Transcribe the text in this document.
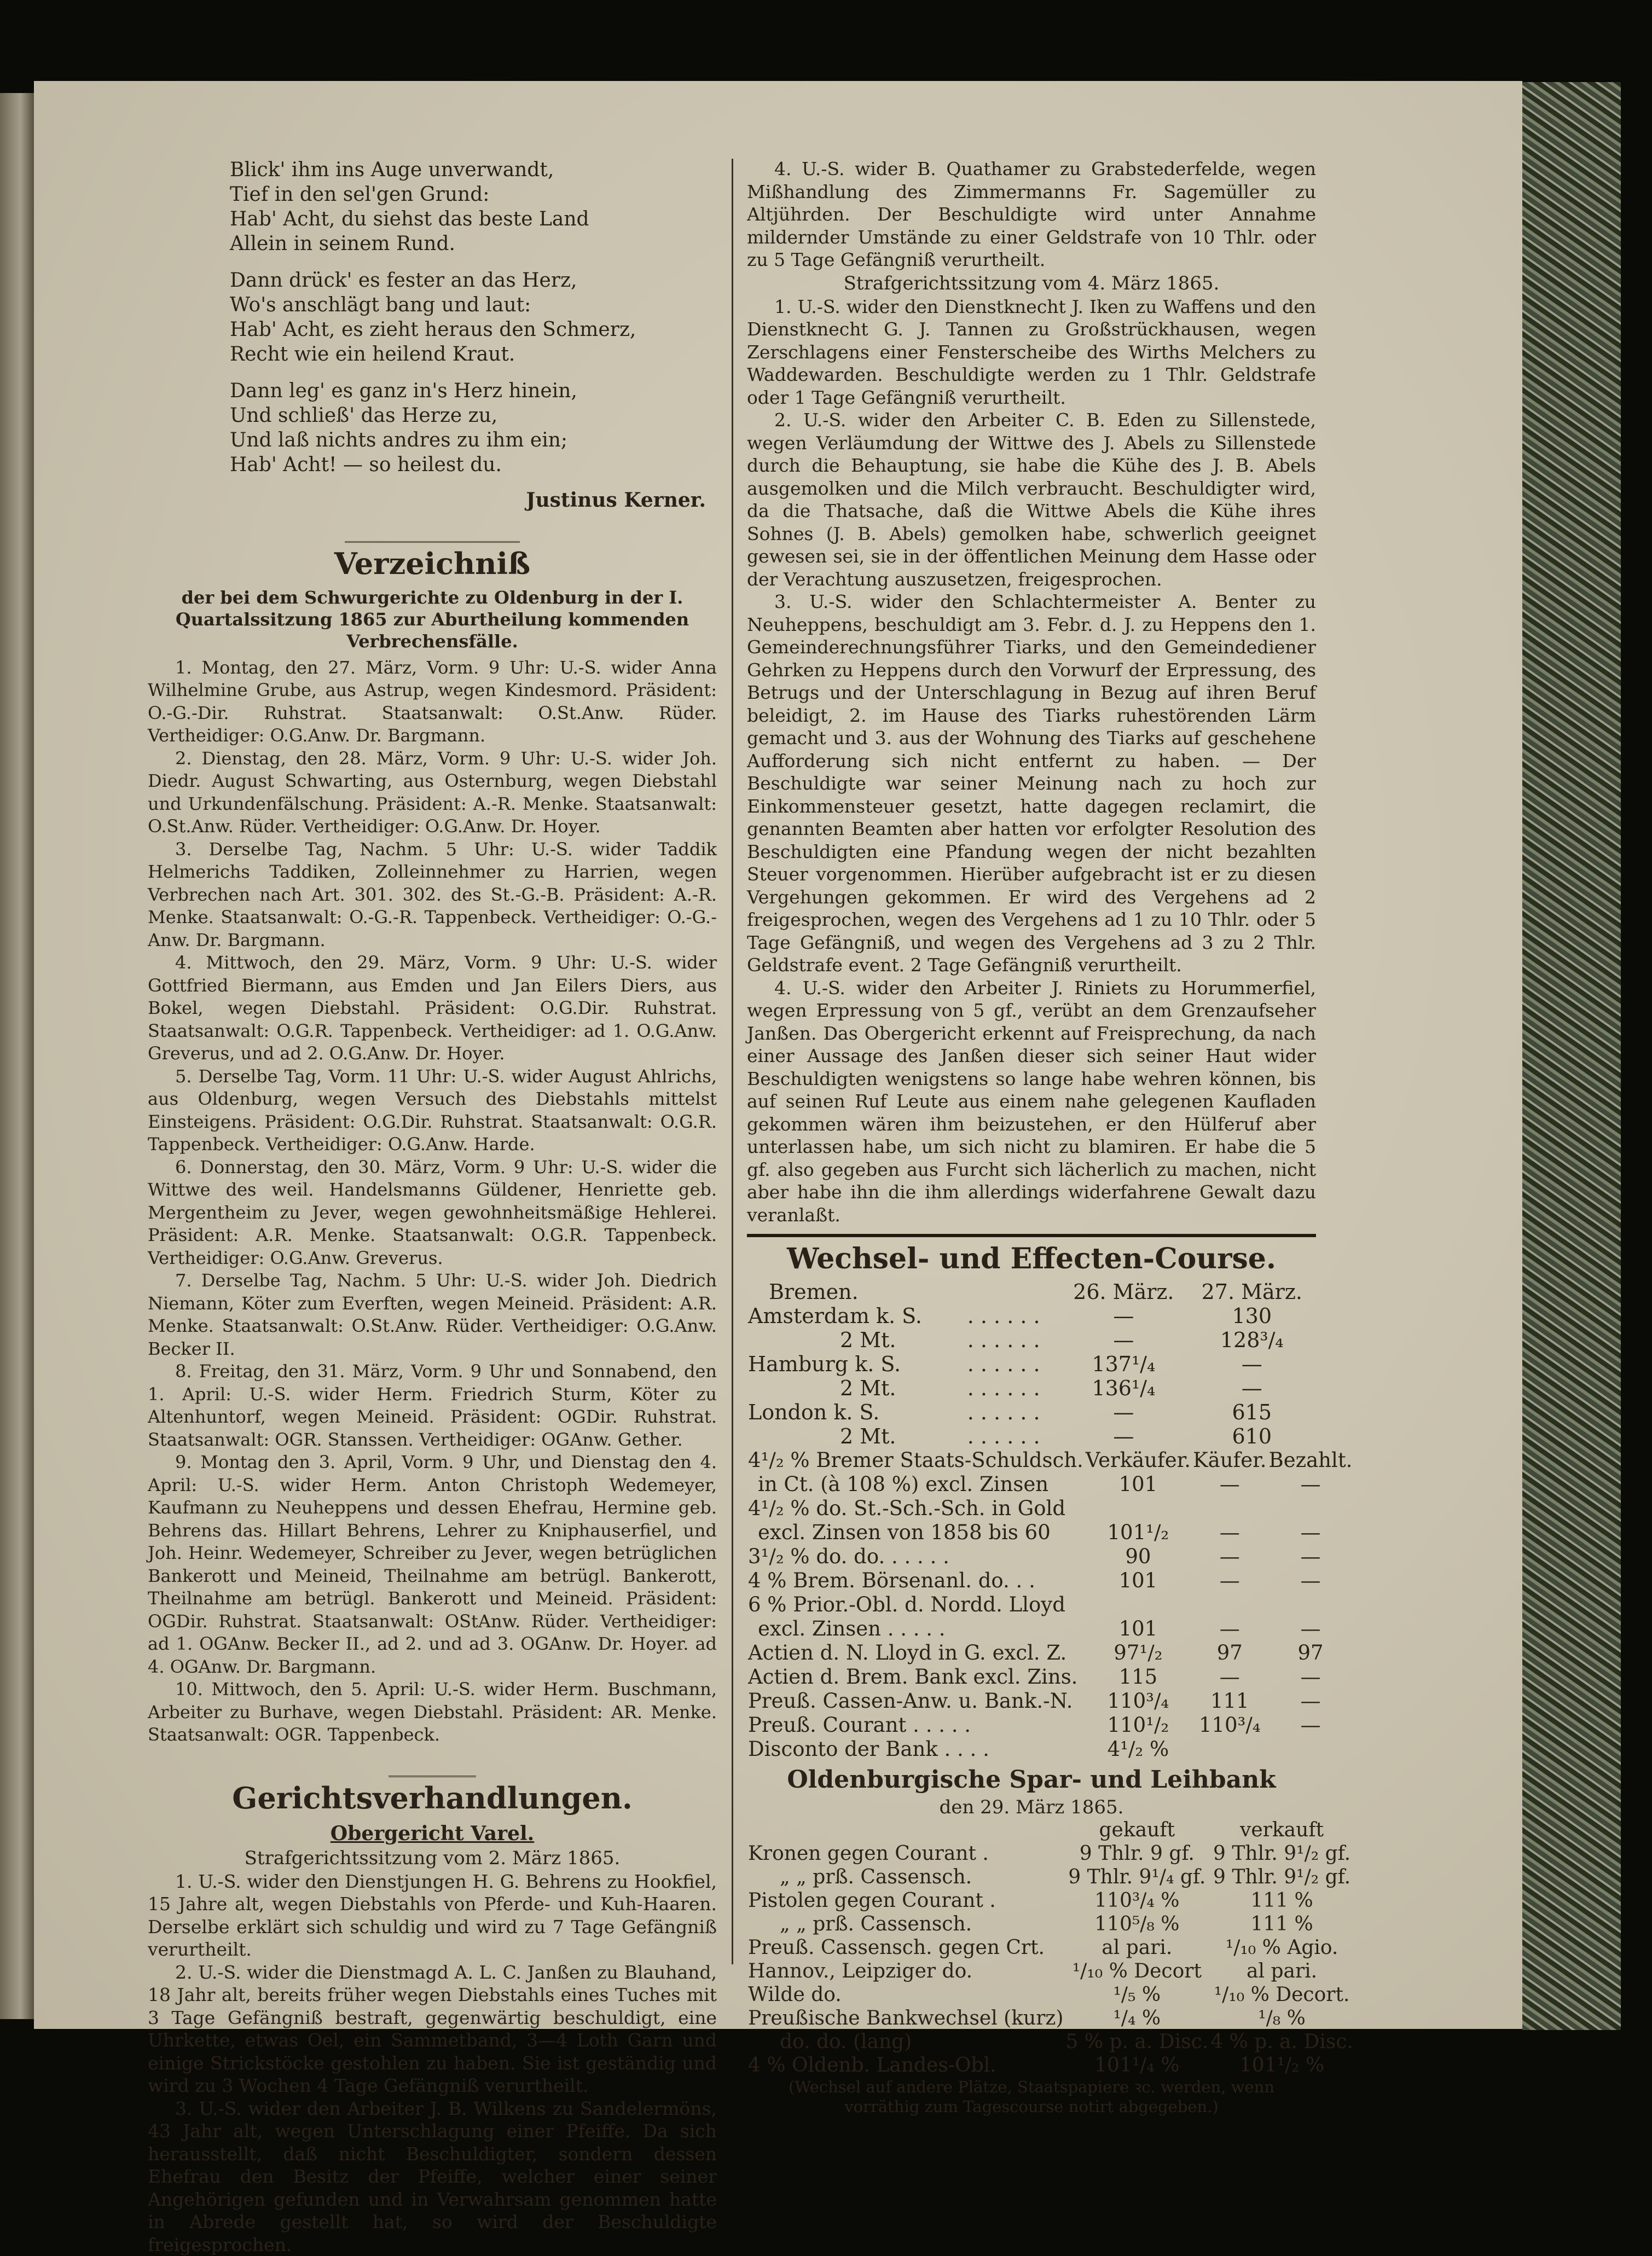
Blick' ihm ins Auge unverwandt,

Tief in den sel'gen Grund:

Hab' Acht, du siehst das beste Land

Allein in seinem Rund.

Dann drück' es fester an das Herz,

Wo's anschlägt bang und laut:

Hab' Acht, es zieht heraus den Schmerz,

Recht wie ein heilend Kraut.

Dann leg' es ganz in's Herz hinein,

Und schließ' das Herze zu,

Und laß nichts andres zu ihm ein;

Hab' Acht! — so heilest du.

Justinus Kerner.

Verzeichniß
der bei dem Schwurgerichte zu Oldenburg in der I. Quartalssitzung 1865 zur Aburtheilung kommenden Verbrechensfälle.

1. Montag, den 27. März, Vorm. 9 Uhr: U.-S. wider Anna Wilhelmine Grube, aus Astrup, wegen Kindesmord. Präsident: O.-G.-Dir. Ruhstrat. Staatsanwalt: O.St.Anw. Rüder. Vertheidiger: O.G.Anw. Dr. Bargmann.

2. Dienstag, den 28. März, Vorm. 9 Uhr: U.-S. wider Joh. Diedr. August Schwarting, aus Osternburg, wegen Diebstahl und Urkundenfälschung. Präsident: A.-R. Menke. Staatsanwalt: O.St.Anw. Rüder. Vertheidiger: O.G.Anw. Dr. Hoyer.

3. Derselbe Tag, Nachm. 5 Uhr: U.-S. wider Taddik Helmerichs Taddiken, Zolleinnehmer zu Harrien, wegen Verbrechen nach Art. 301. 302. des St.-G.-B. Präsident: A.-R. Menke. Staatsanwalt: O.-G.-R. Tappenbeck. Vertheidiger: O.-G.-Anw. Dr. Bargmann.

4. Mittwoch, den 29. März, Vorm. 9 Uhr: U.-S. wider Gottfried Biermann, aus Emden und Jan Eilers Diers, aus Bokel, wegen Diebstahl. Präsident: O.G.Dir. Ruhstrat. Staatsanwalt: O.G.R. Tappenbeck. Vertheidiger: ad 1. O.G.Anw. Greverus, und ad 2. O.G.Anw. Dr. Hoyer.

5. Derselbe Tag, Vorm. 11 Uhr: U.-S. wider August Ahlrichs, aus Oldenburg, wegen Versuch des Diebstahls mittelst Einsteigens. Präsident: O.G.Dir. Ruhstrat. Staatsanwalt: O.G.R. Tappenbeck. Vertheidiger: O.G.Anw. Harde.

6. Donnerstag, den 30. März, Vorm. 9 Uhr: U.-S. wider die Wittwe des weil. Handelsmanns Güldener, Henriette geb. Mergentheim zu Jever, wegen gewohnheitsmäßige Hehlerei. Präsident: A.R. Menke. Staatsanwalt: O.G.R. Tappenbeck. Vertheidiger: O.G.Anw. Greverus.

7. Derselbe Tag, Nachm. 5 Uhr: U.-S. wider Joh. Diedrich Niemann, Köter zum Everften, wegen Meineid. Präsident: A.R. Menke. Staatsanwalt: O.St.Anw. Rüder. Vertheidiger: O.G.Anw. Becker II.

8. Freitag, den 31. März, Vorm. 9 Uhr und Sonnabend, den 1. April: U.-S. wider Herm. Friedrich Sturm, Köter zu Altenhuntorf, wegen Meineid. Präsident: OGDir. Ruhstrat. Staatsanwalt: OGR. Stanssen. Vertheidiger: OGAnw. Gether.

9. Montag den 3. April, Vorm. 9 Uhr, und Dienstag den 4. April: U.-S. wider Herm. Anton Christoph Wedemeyer, Kaufmann zu Neuheppens und dessen Ehefrau, Hermine geb. Behrens das. Hillart Behrens, Lehrer zu Kniphauserfiel, und Joh. Heinr. Wedemeyer, Schreiber zu Jever, wegen betrüglichen Bankerott und Meineid, Theilnahme am betrügl. Bankerott, Theilnahme am betrügl. Bankerott und Meineid. Präsident: OGDir. Ruhstrat. Staatsanwalt: OStAnw. Rüder. Vertheidiger: ad 1. OGAnw. Becker II., ad 2. und ad 3. OGAnw. Dr. Hoyer. ad 4. OGAnw. Dr. Bargmann.

10. Mittwoch, den 5. April: U.-S. wider Herm. Buschmann, Arbeiter zu Burhave, wegen Diebstahl. Präsident: AR. Menke. Staatsanwalt: OGR. Tappenbeck.

Gerichtsverhandlungen.
Obergericht Varel.
Strafgerichtssitzung vom 2. März 1865.

1. U.-S. wider den Dienstjungen H. G. Behrens zu Hookfiel, 15 Jahre alt, wegen Diebstahls von Pferde- und Kuh-Haaren. Derselbe erklärt sich schuldig und wird zu 7 Tage Gefängniß verurtheilt.

2. U.-S. wider die Dienstmagd A. L. C. Janßen zu Blauhand, 18 Jahr alt, bereits früher wegen Diebstahls eines Tuches mit 3 Tage Gefängniß bestraft, gegenwärtig beschuldigt, eine Uhrkette, etwas Oel, ein Sammetband, 3—4 Loth Garn und einige Strickstöcke gestohlen zu haben. Sie ist geständig und wird zu 3 Wochen 4 Tage Gefängniß verurtheilt.

3. U.-S. wider den Arbeiter J. B. Wilkens zu Sandelermöns, 43 Jahr alt, wegen Unterschlagung einer Pfeiffe. Da sich herausstellt, daß nicht Beschuldigter, sondern dessen Ehefrau den Besitz der Pfeiffe, welcher einer seiner Angehörigen gefunden und in Verwahrsam genommen hatte in Abrede gestellt hat, so wird der Beschuldigte freigesprochen.

4. U.-S. wider B. Quathamer zu Grabstederfelde, wegen Mißhandlung des Zimmermanns Fr. Sagemüller zu Altjührden. Der Beschuldigte wird unter Annahme mildernder Umstände zu einer Geldstrafe von 10 Thlr. oder zu 5 Tage Gefängniß verurtheilt.

Strafgerichtssitzung vom 4. März 1865.

1. U.-S. wider den Dienstknecht J. Iken zu Waffens und den Dienstknecht G. J. Tannen zu Großstrückhausen, wegen Zerschlagens einer Fensterscheibe des Wirths Melchers zu Waddewarden. Beschuldigte werden zu 1 Thlr. Geldstrafe oder 1 Tage Gefängniß verurtheilt.

2. U.-S. wider den Arbeiter C. B. Eden zu Sillenstede, wegen Verläumdung der Wittwe des J. Abels zu Sillenstede durch die Behauptung, sie habe die Kühe des J. B. Abels ausgemolken und die Milch verbraucht. Beschuldigter wird, da die Thatsache, daß die Wittwe Abels die Kühe ihres Sohnes (J. B. Abels) gemolken habe, schwerlich geeignet gewesen sei, sie in der öffentlichen Meinung dem Hasse oder der Verachtung auszusetzen, freigesprochen.

3. U.-S. wider den Schlachtermeister A. Benter zu Neuheppens, beschuldigt am 3. Febr. d. J. zu Heppens den 1. Gemeinderechnungsführer Tiarks, und den Gemeindediener Gehrken zu Heppens durch den Vorwurf der Erpressung, des Betrugs und der Unterschlagung in Bezug auf ihren Beruf beleidigt, 2. im Hause des Tiarks ruhestörenden Lärm gemacht und 3. aus der Wohnung des Tiarks auf geschehene Aufforderung sich nicht entfernt zu haben. — Der Beschuldigte war seiner Meinung nach zu hoch zur Einkommensteuer gesetzt, hatte dagegen reclamirt, die genannten Beamten aber hatten vor erfolgter Resolution des Beschuldigten eine Pfandung wegen der nicht bezahlten Steuer vorgenommen. Hierüber aufgebracht ist er zu diesen Vergehungen gekommen. Er wird des Vergehens ad 2 freigesprochen, wegen des Vergehens ad 1 zu 10 Thlr. oder 5 Tage Gefängniß, und wegen des Vergehens ad 3 zu 2 Thlr. Geldstrafe event. 2 Tage Gefängniß verurtheilt.

4. U.-S. wider den Arbeiter J. Riniets zu Horummerfiel, wegen Erpressung von 5 gf., verübt an dem Grenzaufseher Janßen. Das Obergericht erkennt auf Freisprechung, da nach einer Aussage des Janßen dieser sich seiner Haut wider Beschuldigten wenigstens so lange habe wehren können, bis auf seinen Ruf Leute aus einem nahe gelegenen Kaufladen gekommen wären ihm beizustehen, er den Hülferuf aber unterlassen habe, um sich nicht zu blamiren. Er habe die 5 gf. also gegeben aus Furcht sich lächerlich zu machen, nicht aber habe ihn die ihm allerdings widerfahrene Gewalt dazu veranlaßt.

Wechsel- und Effecten-Course.
Bremen.		26. März.	27. März.
Amsterdam k. S.	. . . . . .	—	130
2 Mt.	. . . . . .	—	128³/₄
Hamburg k. S.	. . . . . .	137¹/₄	—
2 Mt.	. . . . . .	136¹/₄	—
London k. S.	. . . . . .	—	615
2 Mt.	. . . . . .	—	610
4¹/₂ % Bremer Staats-Schuldsch.	Verkäufer.	Käufer.	Bezahlt.
in Ct. (à 108 %) excl. Zinsen	101	—	—
4¹/₂ % do. St.-Sch.-Sch. in Gold			
excl. Zinsen von 1858 bis 60	101¹/₂	—	—
3¹/₂ % do. do. . . . . .	90	—	—
4 % Brem. Börsenanl. do. . .	101	—	—
6 % Prior.-Obl. d. Nordd. Lloyd			
excl. Zinsen . . . . .	101	—	—
Actien d. N. Lloyd in G. excl. Z.	97¹/₂	97	97
Actien d. Brem. Bank excl. Zins.	115	—	—
Preuß. Cassen-Anw. u. Bank.-N.	110³/₄	111	—
Preuß. Courant . . . . .	110¹/₂	110³/₄	—
Disconto der Bank . . . .	4¹/₂ %		
Oldenburgische Spar- und Leihbank
den 29. März 1865.
	gekauft	verkauft
Kronen gegen Courant .	9 Thlr. 9 gf.	9 Thlr. 9¹/₂ gf.
„ „ prß. Cassensch.	9 Thlr. 9¹/₄ gf.	9 Thlr. 9¹/₂ gf.
Pistolen gegen Courant .	110³/₄ %	111 %
„ „ prß. Cassensch.	110⁵/₈ %	111 %
Preuß. Cassensch. gegen Crt.	al pari.	¹/₁₀ % Agio.
Hannov., Leipziger do.	¹/₁₀ % Decort	al pari.
Wilde do.	¹/₅ %	¹/₁₀ % Decort.
Preußische Bankwechsel (kurz)	¹/₄ %	¹/₈ %
do. do. (lang)	5 % p. a. Disc.	4 % p. a. Disc.
4 % Oldenb. Landes-Obl.	101¹/₄ %	101¹/₂ %

(Wechsel auf andere Plätze, Staatspapiere ꝛc. werden, wenn vorräthig zum Tagescourse notirt abgegeben.)
